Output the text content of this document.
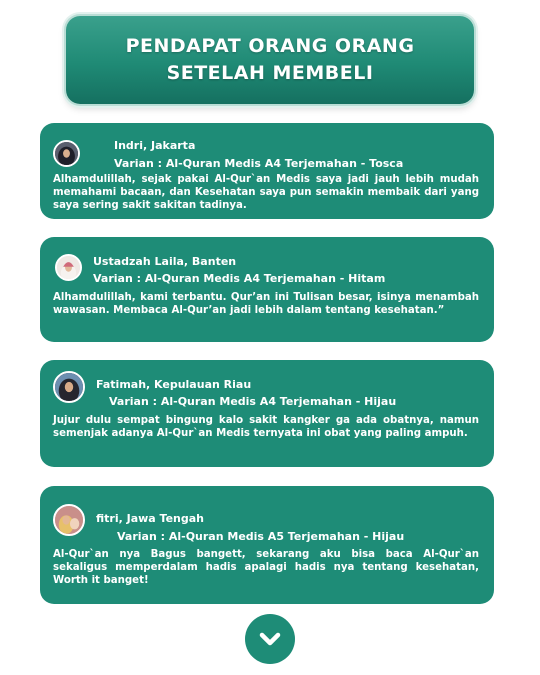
PENDAPAT ORANG ORANG
SETELAH MEMBELI
Indri, Jakarta
Varian : Al-Quran Medis A4 Terjemahan - Tosca
Alhamdulillah, sejak pakai Al-Qur`an Medis saya jadi jauh lebih mudah memahami bacaan, dan Kesehatan saya pun semakin membaik dari yang saya sering sakit sakitan tadinya.
Ustadzah Laila, Banten
Varian : Al-Quran Medis A4 Terjemahan - Hitam
Alhamdulillah, kami terbantu. Qur’an ini Tulisan besar, isinya menambah wawasan. Membaca Al-Qur’an jadi lebih dalam tentang kesehatan.”
Fatimah, Kepulauan Riau
Varian : Al-Quran Medis A4 Terjemahan - Hijau
Jujur dulu sempat bingung kalo sakit kangker ga ada obatnya, namun semenjak adanya Al-Qur`an Medis ternyata ini obat yang paling ampuh.
fitri, Jawa Tengah
Varian : Al-Quran Medis A5 Terjemahan - Hijau
Al-Qur`an nya Bagus bangett, sekarang aku bisa baca Al-Qur`an sekaligus memperdalam hadis apalagi hadis nya tentang kesehatan, Worth it banget!
